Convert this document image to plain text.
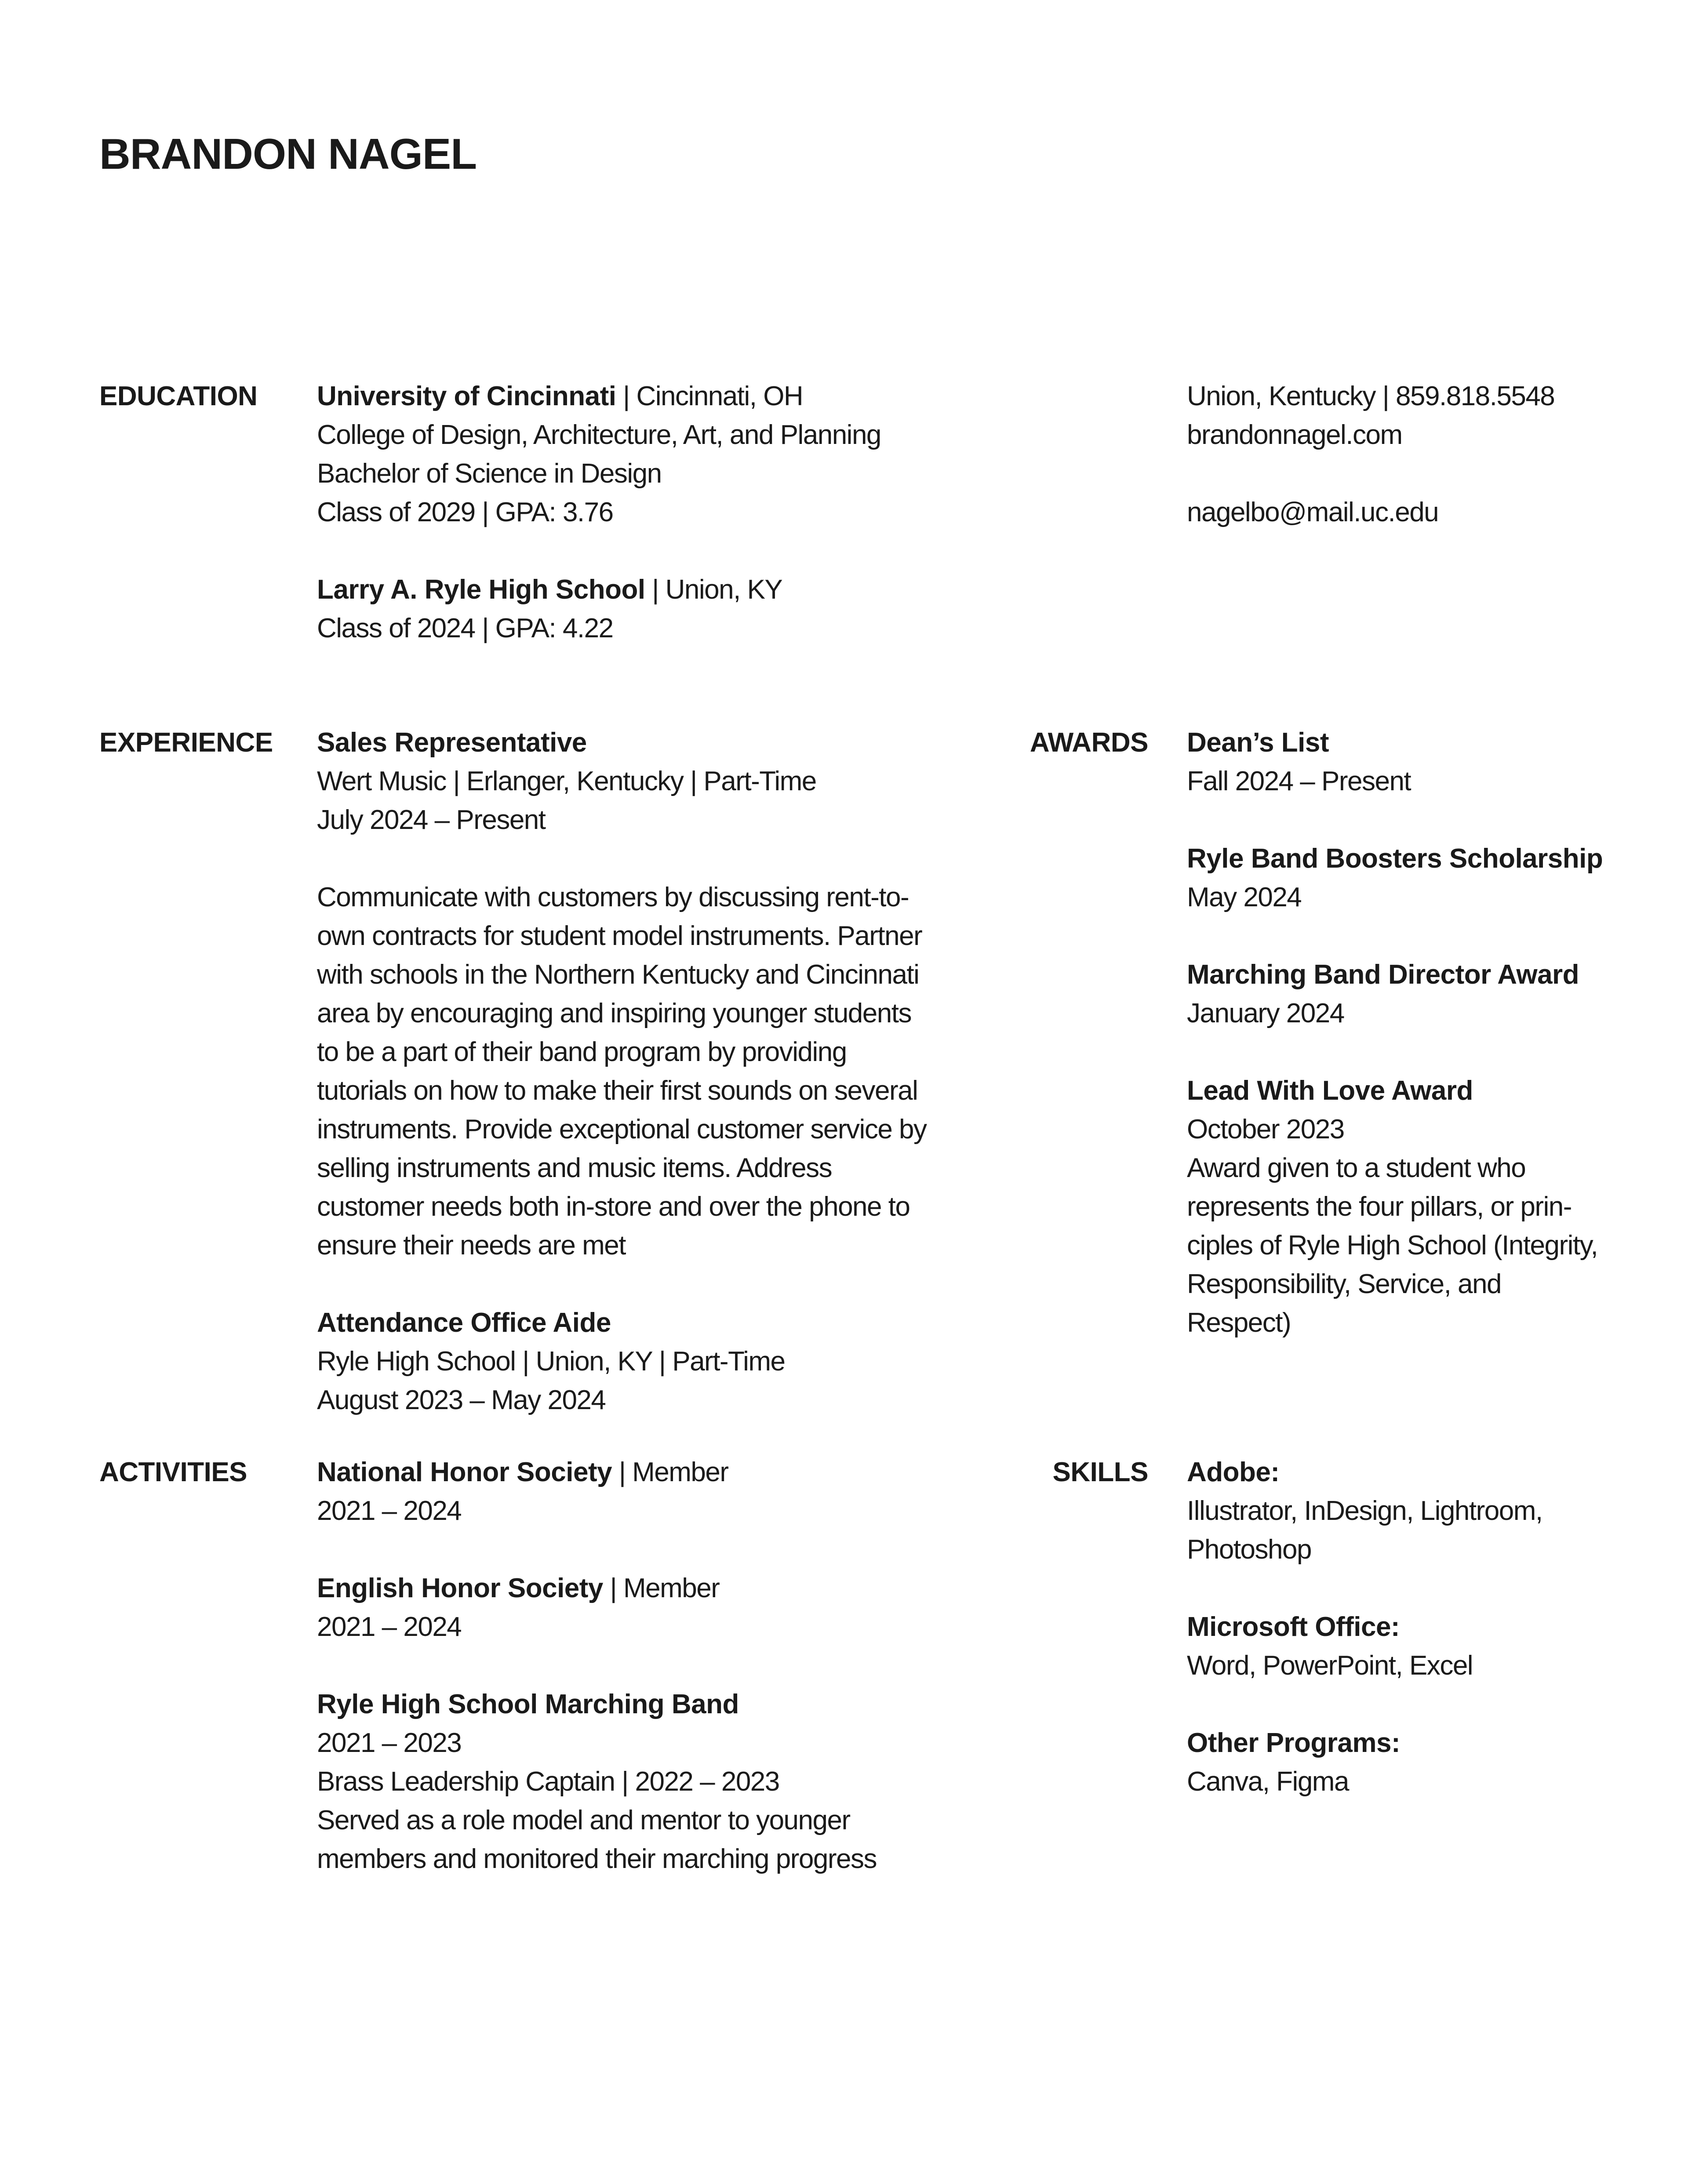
BRANDON NAGEL

Union, Kentucky | 859.818.5548

brandonnagel.com

nagelbo@mail.uc.edu

EDUCATION University of Cincinnati | Cincinnati, OH

College of Design, Architecture, Art, and Planning

Bachelor of Science in Design

Class of 2029 | GPA: 3.76

Larry A. Ryle High School | Union, KY

Class of 2024 | GPA: 4.22

EXPERIENCE Sales Representative

Wert Music | Erlanger, Kentucky | Part-Time

July 2024 – Present

Communicate with customers by discussing rent-to-own contracts for student model instruments. Partner with schools in the Northern Kentucky and Cincinnati area by encouraging and inspiring younger students to be a part of their band program by providing tutorials on how to make their first sounds on several instruments. Provide exceptional customer service by selling instruments and music items. Address customer needs both in-store and over the phone to ensure their needs are met

Attendance Office Aide

Ryle High School | Union, KY | Part-Time

August 2023 – May 2024

AWARDS Dean’s List

Fall 2024 – Present

Ryle Band Boosters Scholarship

May 2024

Marching Band Director Award

January 2024

Lead With Love Award

October 2023

Award given to a student who represents the four pillars, or prin-ciples of Ryle High School (Integrity, Responsibility, Service, and Respect)

ACTIVITIES	National Honor Society | Member

2021 – 2024

English Honor Society | Member

2021 – 2024

Ryle High School Marching Band

2021 – 2023

Brass Leadership Captain | 2022 – 2023

Served as a role model and mentor to younger members and monitored their marching progress

SKILLS Adobe:

Illustrator, InDesign, Lightroom, Photoshop

Microsoft Office:

Word, PowerPoint, Excel

Other Programs:

Canva, Figma
